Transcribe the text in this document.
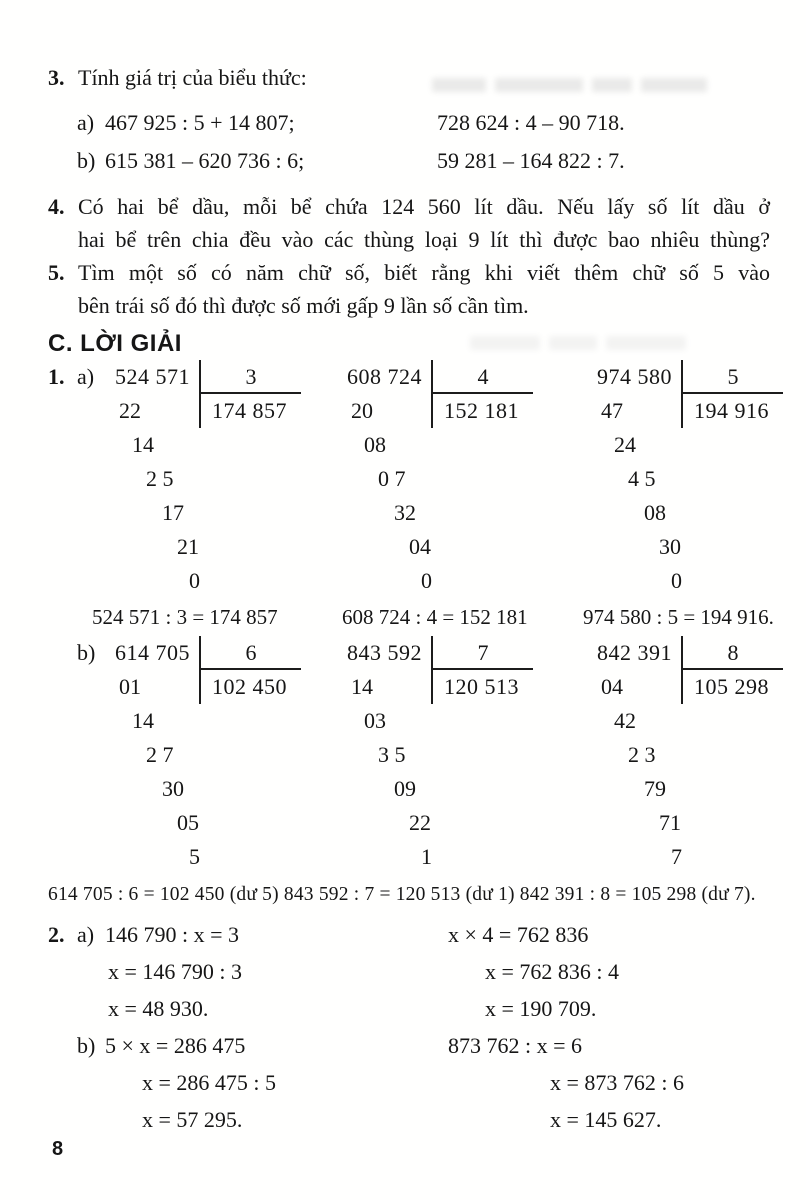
3. Tính giá trị của biểu thức:
a) 467 925 : 5 + 14 807;	728 624 : 4 – 90 718.
b) 615 381 – 620 736 : 6;	59 281 – 164 822 : 7.
4. Có hai bể dầu, mỗi bể chứa 124 560 lít dầu. Nếu lấy số lít dầu ở
hai bể trên chia đều vào các thùng loại 9 lít thì được bao nhiêu thùng?
5. Tìm một số có năm chữ số, biết rằng khi viết thêm chữ số 5 vào
bên trái số đó thì được số mới gấp 9 lần số cần tìm.
C. LỜI GIẢI
1. a) 524 571	3
22	174 857
14
2 5
17
21
0
608 724	4
20	152 181
08
0 7
32
04
0
974 580	5
47	194 916
24
4 5
08
30
0
524 571 : 3 = 174 857	608 724 : 4 = 152 181	974 580 : 5 = 194 916.
b) 614 705	6
01	102 450
14
2 7
30
05
5
843 592	7
14	120 513
03
3 5
09
22
1
842 391	8
04	105 298
42
2 3
79
71
7
614 705 : 6 = 102 450 (dư 5) 843 592 : 7 = 120 513 (dư 1) 842 391 : 8 = 105 298 (dư 7).
2. a) 146 790 : x = 3	x × 4 = 762 836
x = 146 790 : 3	x = 762 836 : 4
x = 48 930.	x = 190 709.
b) 5 × x = 286 475	873 762 : x = 6
x = 286 475 : 5	x = 873 762 : 6
x = 57 295.	x = 145 627.
8
